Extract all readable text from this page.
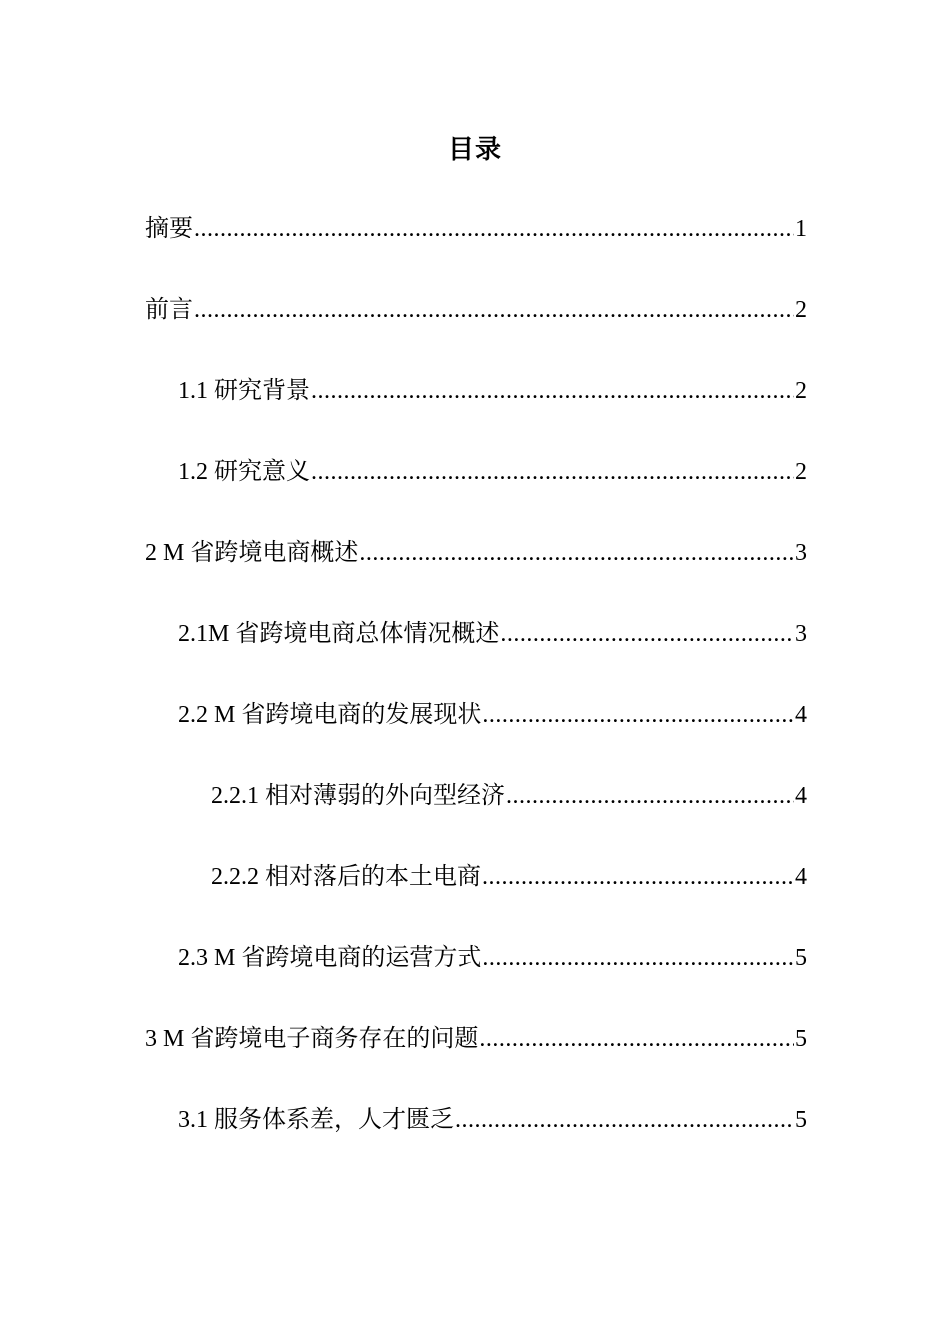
目录
摘要 .....	1
前言 .....	2
1.1 研究背景 .....	2
1.2 研究意义 .....	2
2 M 省跨境电商概述 .....	3
2.1M 省跨境电商总体情况概述 .....	3
2.2 M 省跨境电商的发展现状 .....	4
2.2.1 相对薄弱的外向型经济 .....	4
2.2.2 相对落后的本土电商 .....	4
2.3 M 省跨境电商的运营方式 .....	5
3 M 省跨境电子商务存在的问题 .....	5
3.1 服务体系差，人才匮乏 .....	5
